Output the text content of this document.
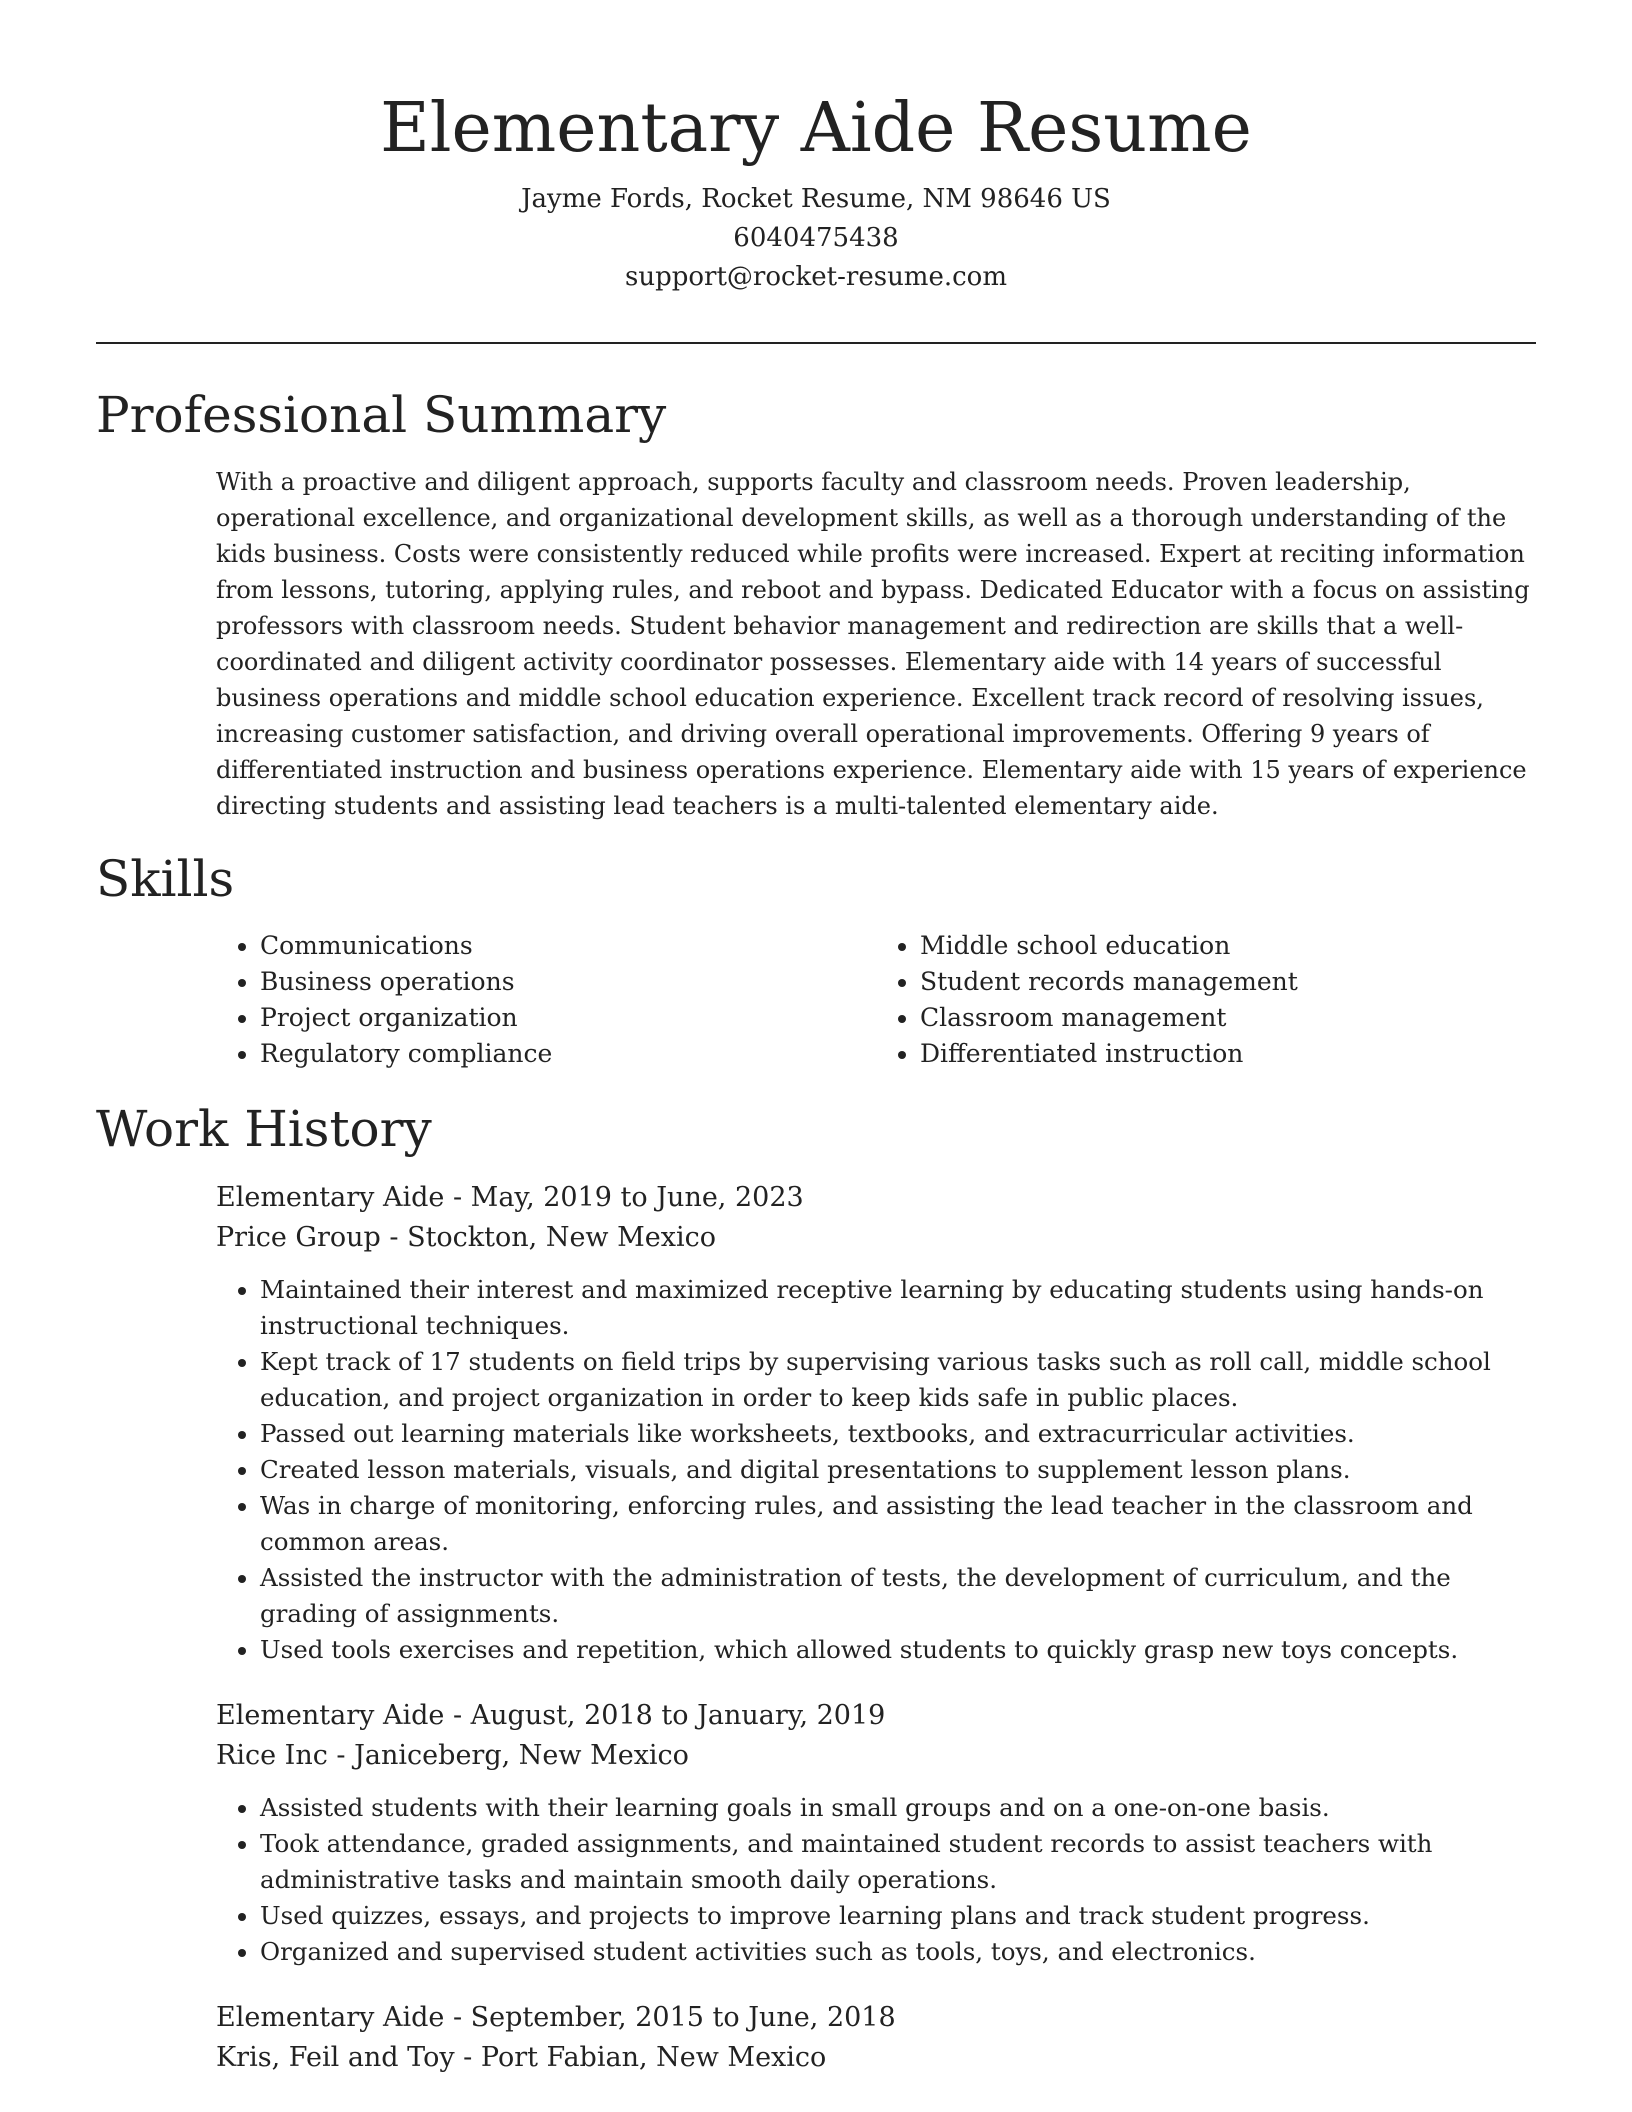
Elementary Aide Resume
Jayme Fords, Rocket Resume, NM 98646 US
6040475438
support@rocket-resume.com
Professional Summary

With a proactive and diligent approach, supports faculty and classroom needs. Proven leadership, operational excellence, and organizational development skills, as well as a thorough understanding of the kids business. Costs were consistently reduced while profits were increased. Expert at reciting information from lessons, tutoring, applying rules, and reboot and bypass. Dedicated Educator with a focus on assisting professors with classroom needs. Student behavior management and redirection are skills that a well-coordinated and diligent activity coordinator possesses. Elementary aide with 14 years of successful business operations and middle school education experience. Excellent track record of resolving issues, increasing customer satisfaction, and driving overall operational improvements. Offering 9 years of differentiated instruction and business operations experience. Elementary aide with 15 years of experience directing students and assisting lead teachers is a multi-talented elementary aide.

Skills
• Communications
• Business operations
• Project organization
• Regulatory compliance
• Middle school education
• Student records management
• Classroom management
• Differentiated instruction
Work History
Elementary Aide - May, 2019 to June, 2023
Price Group - Stockton, New Mexico
• Maintained their interest and maximized receptive learning by educating students using hands-on instructional techniques.
• Kept track of 17 students on field trips by supervising various tasks such as roll call, middle school education, and project organization in order to keep kids safe in public places.
• Passed out learning materials like worksheets, textbooks, and extracurricular activities.
• Created lesson materials, visuals, and digital presentations to supplement lesson plans.
• Was in charge of monitoring, enforcing rules, and assisting the lead teacher in the classroom and common areas.
• Assisted the instructor with the administration of tests, the development of curriculum, and the grading of assignments.
• Used tools exercises and repetition, which allowed students to quickly grasp new toys concepts.
Elementary Aide - August, 2018 to January, 2019
Rice Inc - Janiceberg, New Mexico
• Assisted students with their learning goals in small groups and on a one-on-one basis.
• Took attendance, graded assignments, and maintained student records to assist teachers with administrative tasks and maintain smooth daily operations.
• Used quizzes, essays, and projects to improve learning plans and track student progress.
• Organized and supervised student activities such as tools, toys, and electronics.
Elementary Aide - September, 2015 to June, 2018
Kris, Feil and Toy - Port Fabian, New Mexico
